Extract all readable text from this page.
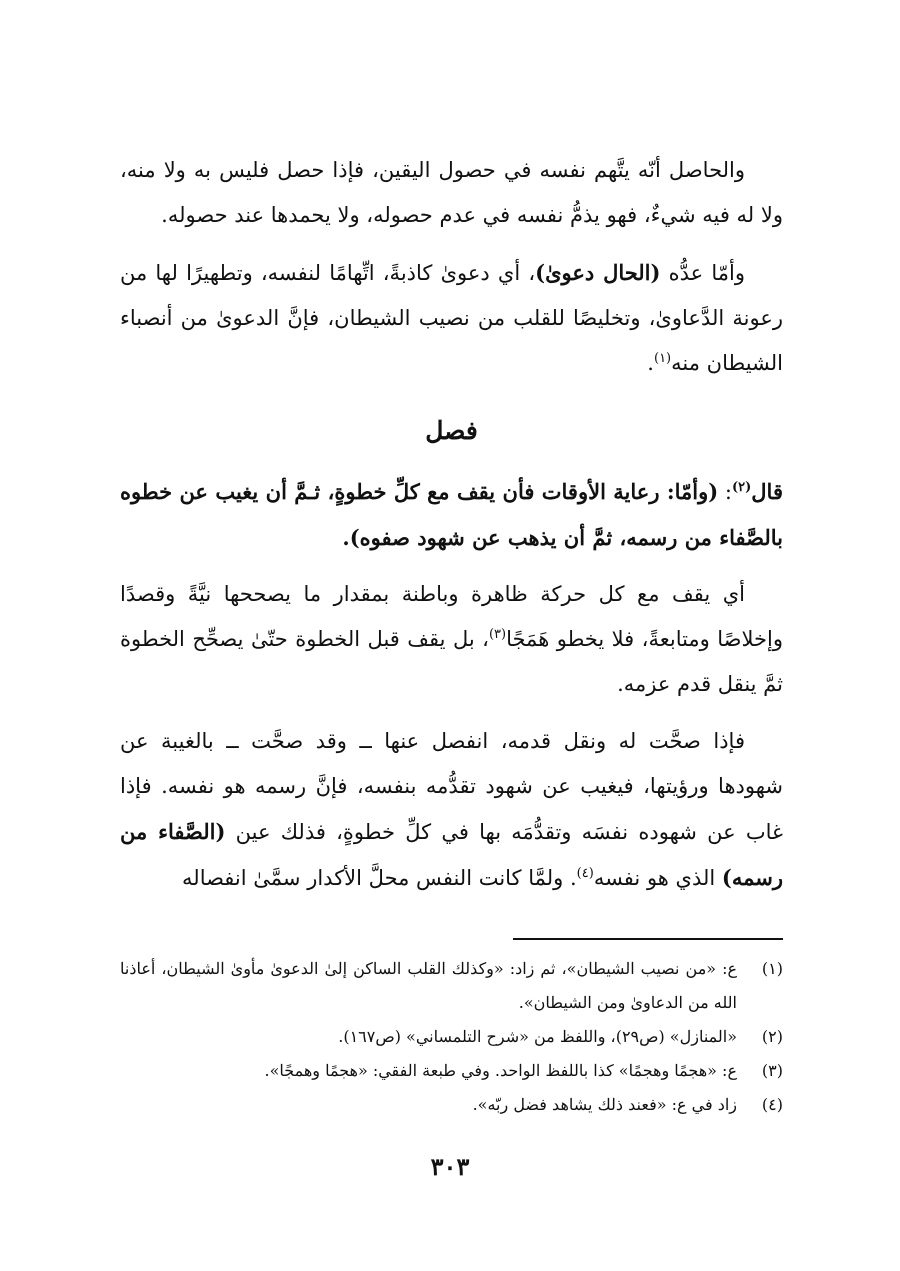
والحاصل أنّه يتَّهم نفسه في حصول اليقين، فإذا حصل فليس به ولا منه، ولا له فيه شيءٌ، فهو يذمُّ نفسه في عدم حصوله، ولا يحمدها عند حصوله.

وأمّا عدُّه (الحال دعوىٰ)، أي دعوىٰ كاذبةً، اتِّهامًا لنفسه، وتطهيرًا لها من رعونة الدَّعاوىٰ، وتخليصًا للقلب من نصيب الشيطان، فإنَّ الدعوىٰ من أنصباء الشيطان منه$^{(١)}$.

فصل

قال$^{(٢)}$: (وأمّا: رعاية الأوقات فأن يقف مع كلِّ خطوةٍ، ثـمَّ أن يغيب عن خطوه بالصَّفاء من رسمه، ثمَّ أن يذهب عن شهود صفوه).

أي يقف مع كل حركة ظاهرة وباطنة بمقدار ما يصححها نيَّةً وقصدًا وإخلاصًا ومتابعةً، فلا يخطو هَمَجًا$^{(٣)}$، بل يقف قبل الخطوة حتّىٰ يصحِّح الخطوة ثمَّ ينقل قدم عزمه.

فإذا صحَّت له ونقل قدمه، انفصل عنها ــ وقد صحَّت ــ بالغيبة عن شهودها ورؤيتها، فيغيب عن شهود تقدُّمه بنفسه، فإنَّ رسمه هو نفسه. فإذا غاب عن شهوده نفسَه وتقدُّمَه بها في كلِّ خطوةٍ، فذلك عين (الصَّفاء من رسمه) الذي هو نفسه$^{(٤)}$. ولمَّا كانت النفس محلَّ الأكدار سمَّىٰ انفصاله

(١)
ع: «من نصيب الشيطان»، ثم زاد: «وكذلك القلب الساكن إلىٰ الدعوىٰ مأوىٰ الشيطان، أعاذنا الله من الدعاوىٰ ومن الشيطان».
(٢)
«المنازل» (ص٢٩)، واللفظ من «شرح التلمساني» (ص١٦٧).
(٣)
ع: «هجمًا وهجمًا» كذا باللفظ الواحد. وفي طبعة الفقي: «هجمًا وهمجًا».
(٤)
زاد في ع: «فعند ذلك يشاهد فضل ربّه».
٣٠٣
